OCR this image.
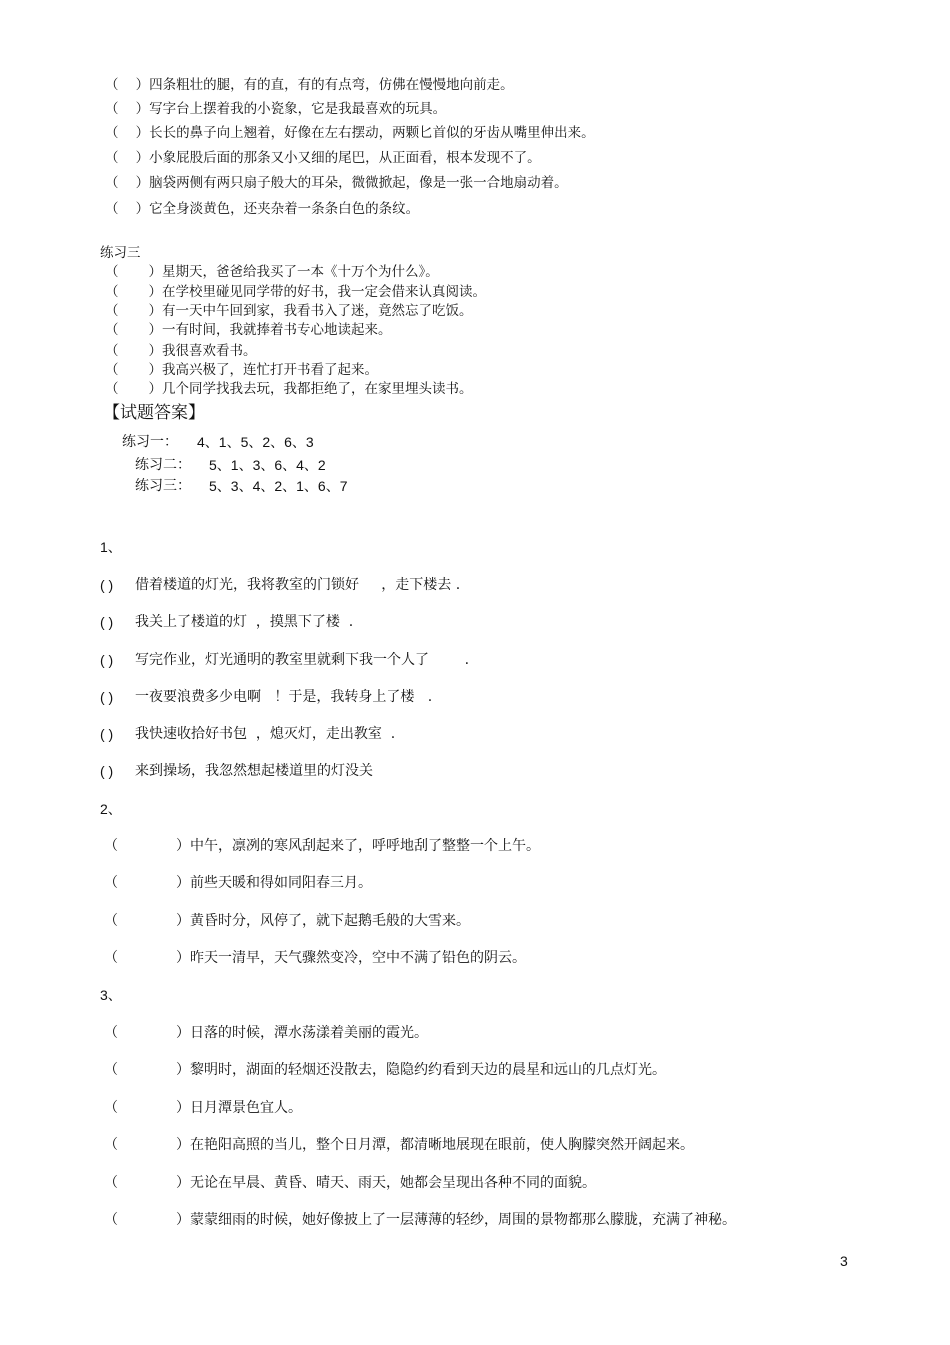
（    ）四条粗壮的腿，有的直，有的有点弯，仿佛在慢慢地向前走。
（    ）写字台上摆着我的小瓷象，它是我最喜欢的玩具。
（    ）长长的鼻子向上翘着，好像在左右摆动，两颗匕首似的牙齿从嘴里伸出来。
（    ）小象屁股后面的那条又小又细的尾巴，从正面看，根本发现不了。
（    ）脑袋两侧有两只扇子般大的耳朵，微微掀起，像是一张一合地扇动着。
（    ）它全身淡黄色，还夹杂着一条条白色的条纹。
练习三
（       ）星期天，爸爸给我买了一本《十万个为什么》。
（       ）在学校里碰见同学带的好书，我一定会借来认真阅读。
（       ）有一天中午回到家，我看书入了迷，竟然忘了吃饭。
（       ）一有时间，我就捧着书专心地读起来。
（       ）我很喜欢看书。
（       ）我高兴极了，连忙打开书看了起来。
（       ）几个同学找我去玩，我都拒绝了，在家里埋头读书。
【试题答案】
练习一： 4、1、5、2、6、3
练习二： 5、1、3、6、4、2
练习三： 5、3、4、2、1、6、7
1、
( ) 借着楼道的灯光，我将教室的门锁好     ，走下楼去 .
( ) 我关上了楼道的灯  ，摸黑下了楼  .
( ) 写完作业，灯光通明的教室里就剩下我一个人了        .
( ) 一夜要浪费多少电啊   ！于是，我转身上了楼   .
( ) 我快速收拾好书包  ，熄灭灯，走出教室  .
( ) 来到操场，我忽然想起楼道里的灯没关
2、
（	）中午，凛冽的寒风刮起来了，呼呼地刮了整整一个上午。
（	）前些天暖和得如同阳春三月。
（	）黄昏时分，风停了，就下起鹅毛般的大雪来。
（	）昨天一清早，天气骤然变冷，空中不满了铅色的阴云。
3、
（	）日落的时候，潭水荡漾着美丽的霞光。
（	）黎明时，湖面的轻烟还没散去，隐隐约约看到天边的晨星和远山的几点灯光。
（	）日月潭景色宜人。
（	）在艳阳高照的当儿，整个日月潭，都清晰地展现在眼前，使人胸朦突然开阔起来。
（	）无论在早晨、黄昏、晴天、雨天，她都会呈现出各种不同的面貌。
（	）蒙蒙细雨的时候，她好像披上了一层薄薄的轻纱，周围的景物都那么朦胧，充满了神秘。
3
